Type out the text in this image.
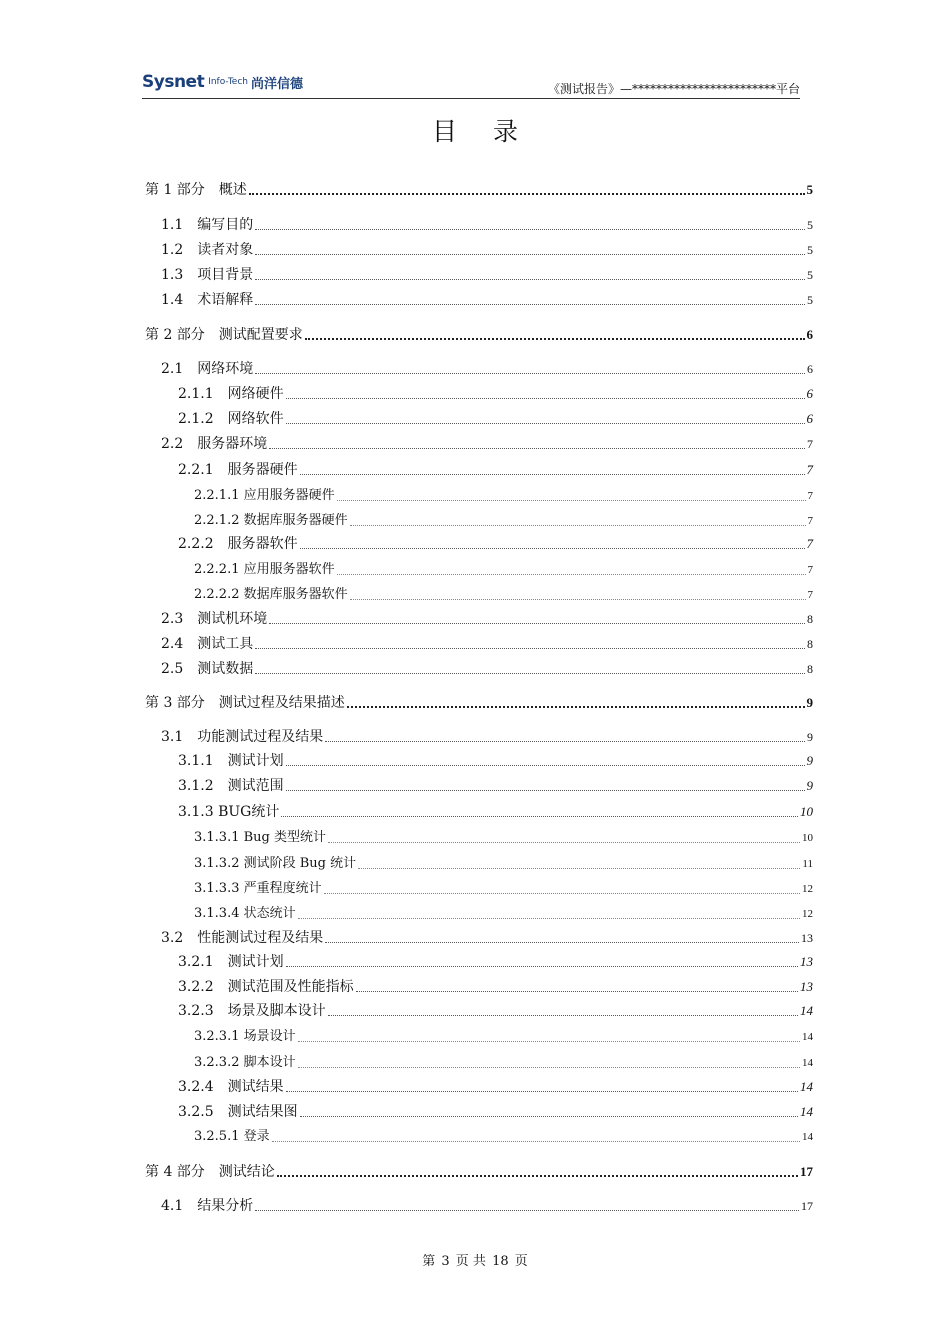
Sysnet Info-Tech 尚洋信德	《测试报告》—************************平台
目录
第 1 部分　概述	5
1.1　编写目的	5
1.2　读者对象	5
1.3　项目背景	5
1.4　术语解释	5
第 2 部分　测试配置要求	6
2.1　网络环境	6
2.1.1　网络硬件	6
2.1.2　网络软件	6
2.2　服务器环境	7
2.2.1　服务器硬件	7
2.2.1.1 应用服务器硬件	7
2.2.1.2 数据库服务器硬件	7
2.2.2　服务器软件	7
2.2.2.1 应用服务器软件	7
2.2.2.2 数据库服务器软件	7
2.3　测试机环境	8
2.4　测试工具	8
2.5　测试数据	8
第 3 部分　测试过程及结果描述	9
3.1　功能测试过程及结果	9
3.1.1　测试计划	9
3.1.2　测试范围	9
3.1.3 BUG统计	10
3.1.3.1 Bug 类型统计	10
3.1.3.2 测试阶段 Bug 统计	11
3.1.3.3 严重程度统计	12
3.1.3.4 状态统计	12
3.2　性能测试过程及结果	13
3.2.1　测试计划	13
3.2.2　测试范围及性能指标	13
3.2.3　场景及脚本设计	14
3.2.3.1 场景设计	14
3.2.3.2 脚本设计	14
3.2.4　测试结果	14
3.2.5　测试结果图	14
3.2.5.1 登录	14
第 4 部分　测试结论	17
4.1　结果分析	17
第 3 页 共 18 页
